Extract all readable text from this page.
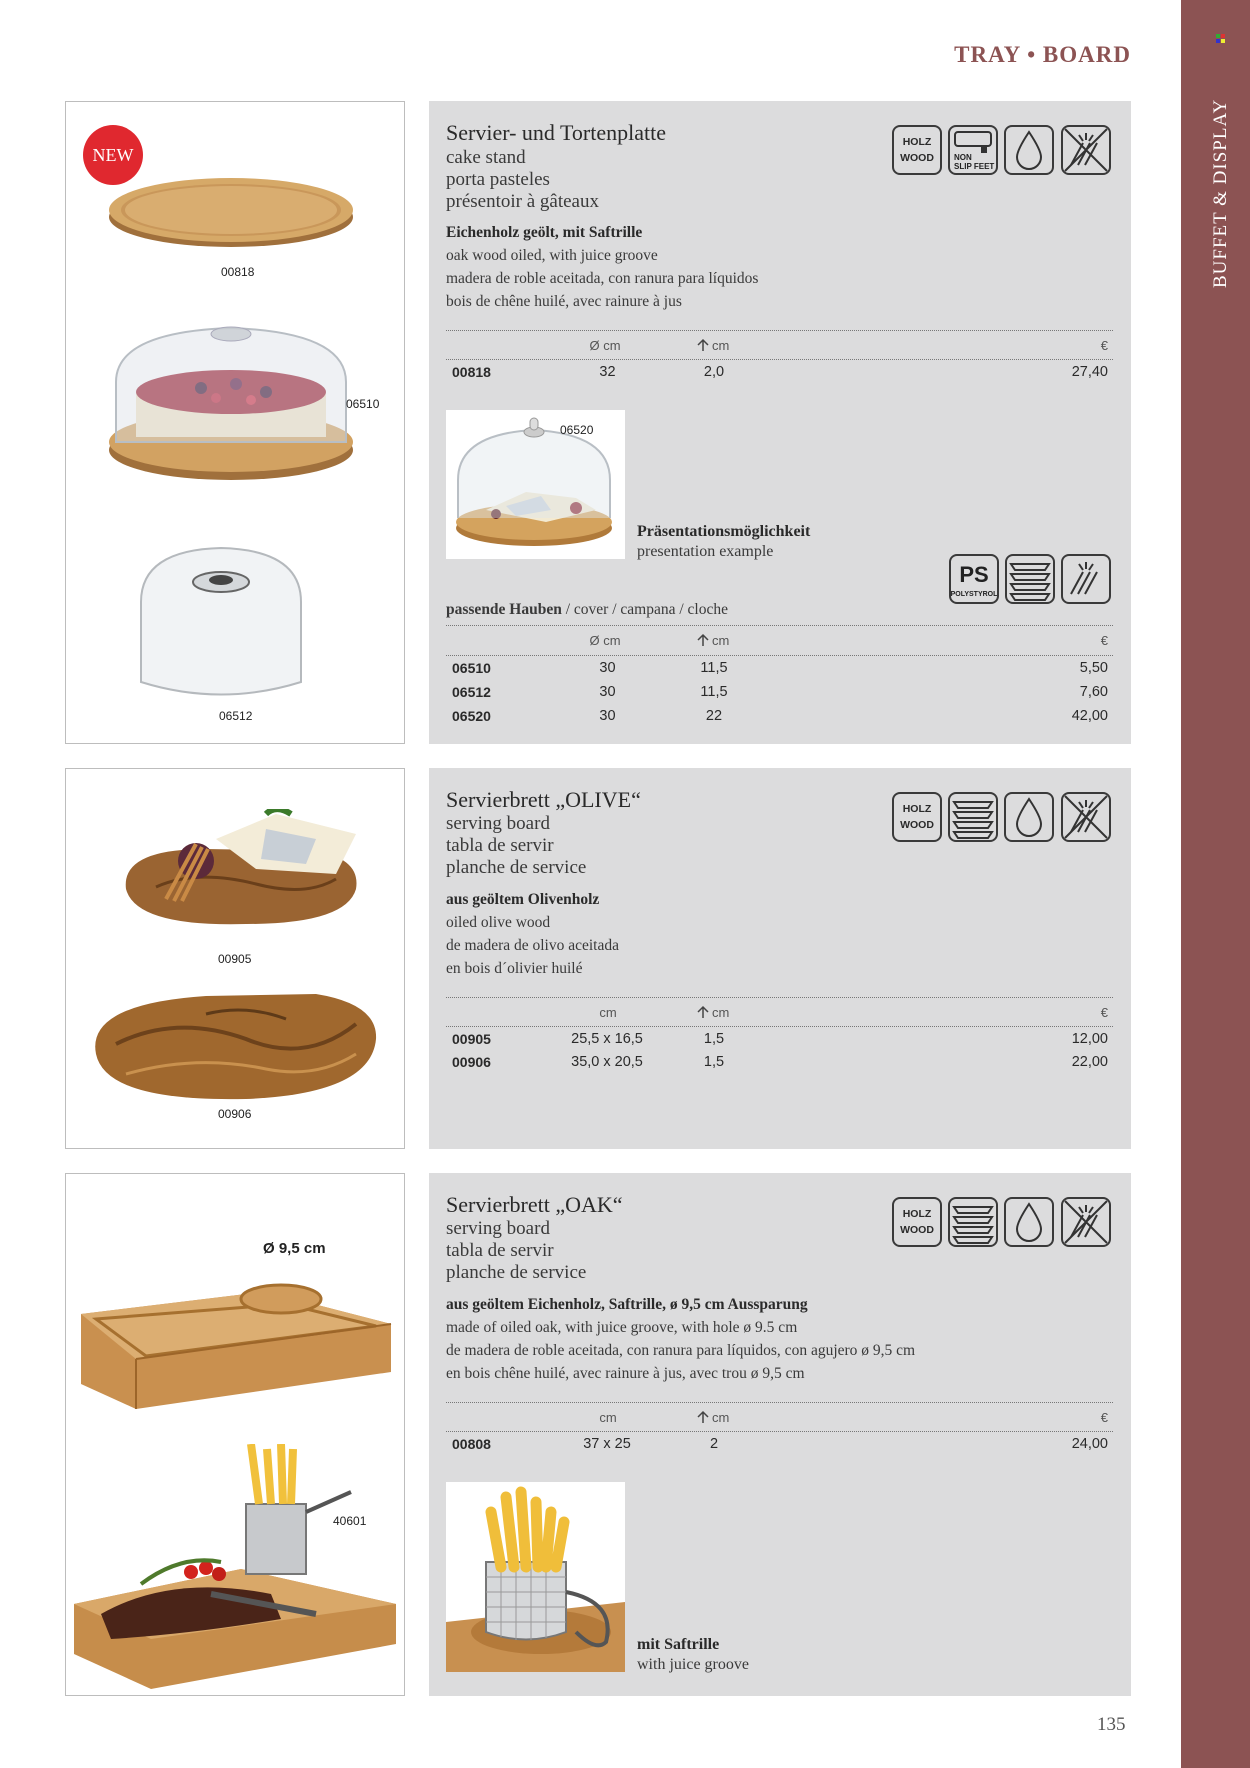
BUFFET & DISPLAY
TRAY • BOARD
NEW
00818
06510
06512
Servier- und Tortenplatte
cake stand
porta pasteles
présentoir à gâteaux
Eichenholz geölt, mit Saftrille
oak wood oiled, with juice groove
madera de roble aceitada, con ranura para líquidos
bois de chêne huilé, avec rainure à jus
HOLZ
WOOD	NON
SLIP FEET
Ø cm	cm	€
00818	32	2,0	27,40
06520
Präsentationsmöglichkeit
presentation example
PS
POLYSTYROL
passende Hauben / cover / campana / cloche
Ø cm	cm	€
06510	30	11,5	5,50
06512	30	11,5	7,60
06520	30	22	42,00
00905
00906
Servierbrett „OLIVE“
serving board
tabla de servir
planche de service
aus geöltem Olivenholz
oiled olive wood
de madera de olivo aceitada
en bois d´olivier huilé
HOLZ
WOOD
cm	cm	€
00905	25,5 x 16,5	1,5	12,00
00906	35,0 x 20,5	1,5	22,00
Ø 9,5 cm
40601
Servierbrett „OAK“
serving board
tabla de servir
planche de service
aus geöltem Eichenholz, Saftrille, ø 9,5 cm Aussparung
made of oiled oak, with juice groove, with hole ø 9.5 cm
de madera de roble aceitada, con ranura para líquidos, con agujero ø 9,5 cm
en bois chêne huilé, avec rainure à jus, avec trou ø 9,5 cm
HOLZ
WOOD
cm	cm	€
00808	37 x 25	2	24,00
mit Saftrille
with juice groove
135
